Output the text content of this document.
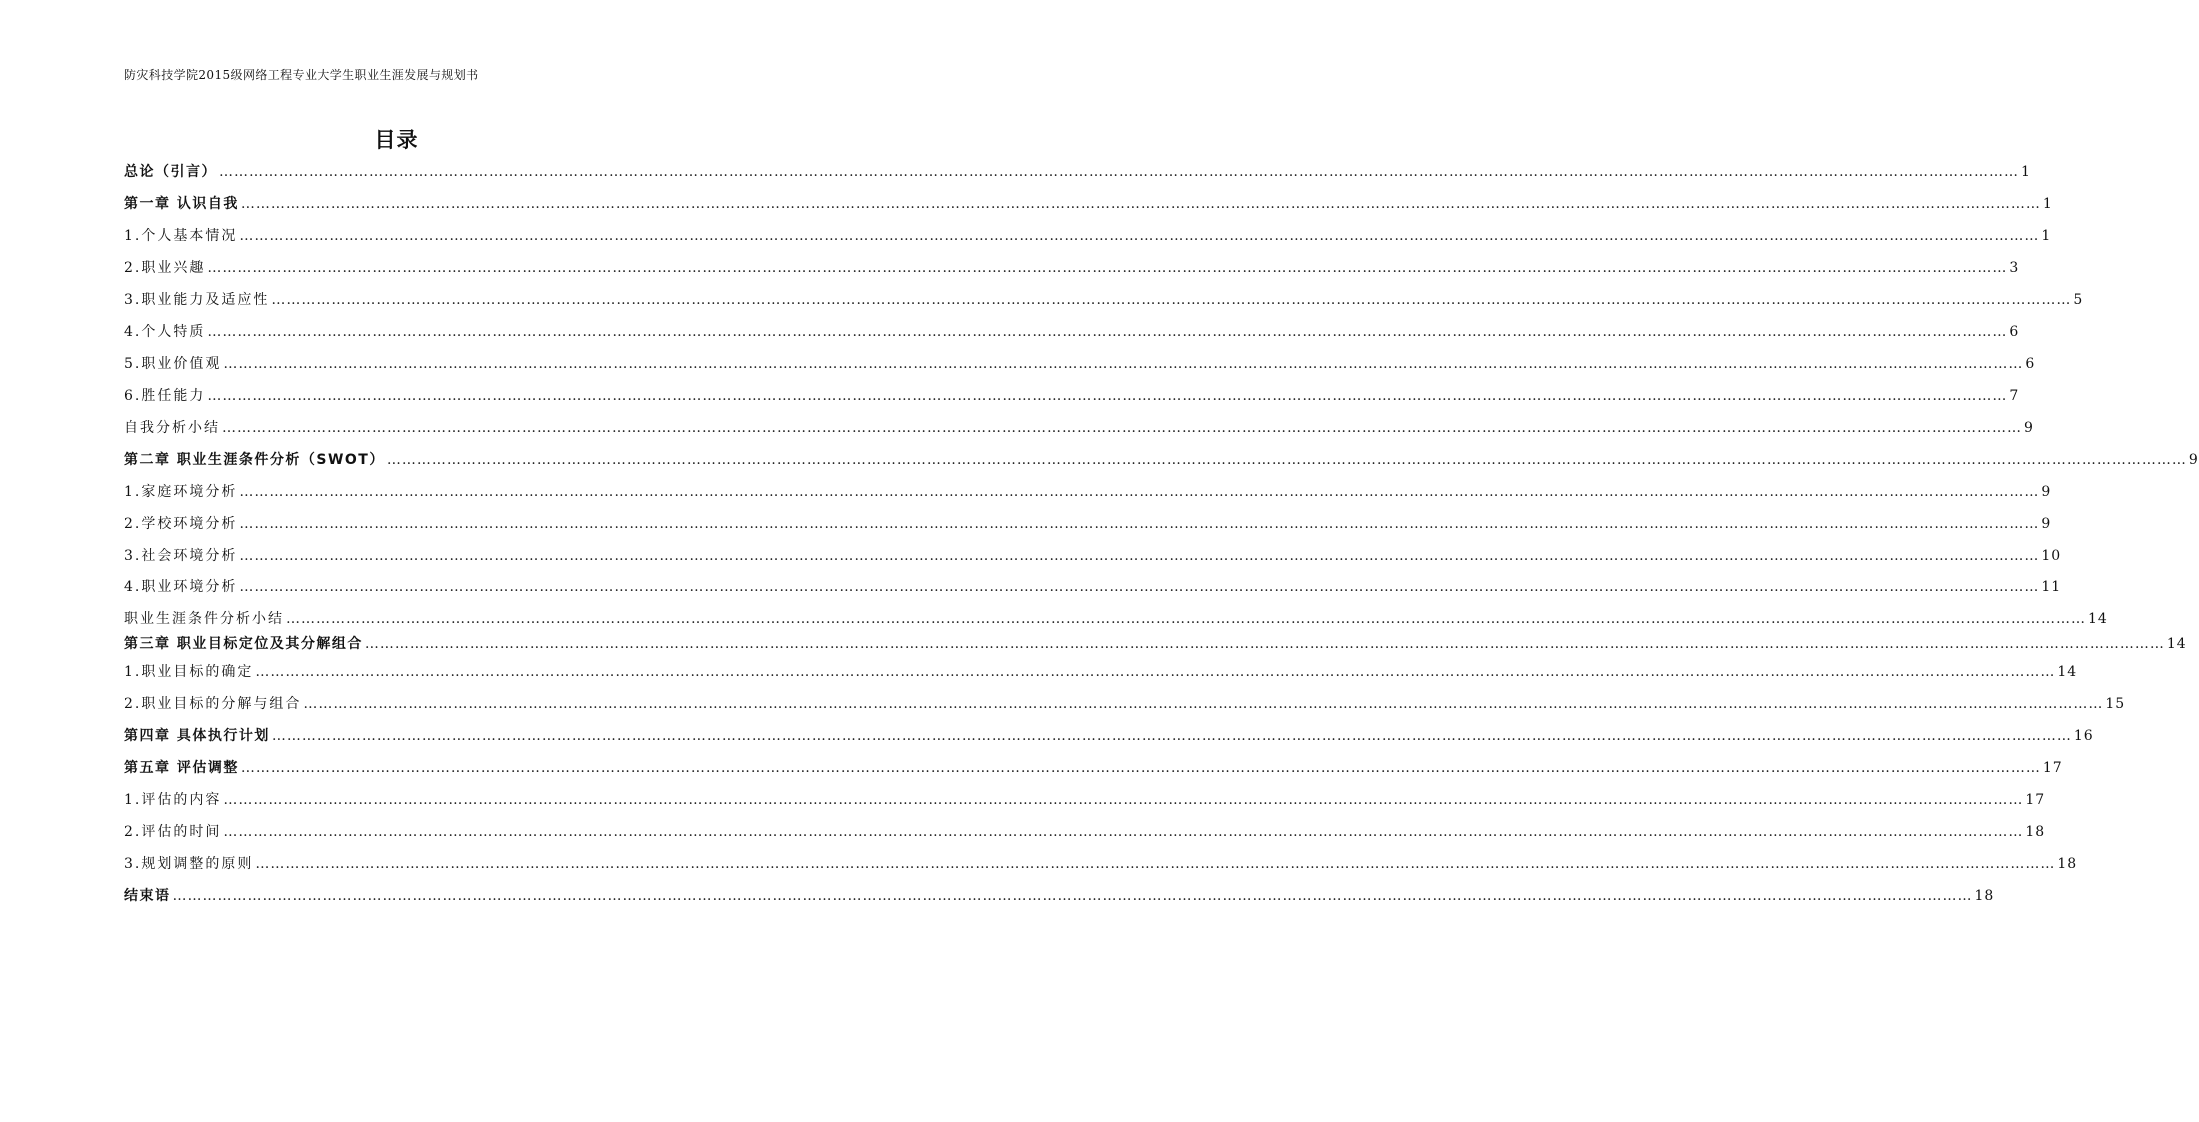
防灾科技学院2015级网络工程专业大学生职业生涯发展与规划书
目录
总论（引言） ……………………………………………………………………………………………………………………………………………………………………………………………………………………………………………………………………………………………………………………………… 1
第一章 认识自我 ……………………………………………………………………………………………………………………………………………………………………………………………………………………………………………………………………………………………………………………………… 1
1.个人基本情况 ……………………………………………………………………………………………………………………………………………………………………………………………………………………………………………………………………………………………………………………………… 1
2.职业兴趣 ……………………………………………………………………………………………………………………………………………………………………………………………………………………………………………………………………………………………………………………………… 3
3.职业能力及适应性 ……………………………………………………………………………………………………………………………………………………………………………………………………………………………………………………………………………………………………………………………… 5
4.个人特质 ……………………………………………………………………………………………………………………………………………………………………………………………………………………………………………………………………………………………………………………………… 6
5.职业价值观 ……………………………………………………………………………………………………………………………………………………………………………………………………………………………………………………………………………………………………………………………… 6
6.胜任能力 ……………………………………………………………………………………………………………………………………………………………………………………………………………………………………………………………………………………………………………………………… 7
自我分析小结 ……………………………………………………………………………………………………………………………………………………………………………………………………………………………………………………………………………………………………………………………… 9
第二章 职业生涯条件分析（SWOT） ……………………………………………………………………………………………………………………………………………………………………………………………………………………………………………………………………………………………………………………………… 9
1.家庭环境分析 ……………………………………………………………………………………………………………………………………………………………………………………………………………………………………………………………………………………………………………………………… 9
2.学校环境分析 ……………………………………………………………………………………………………………………………………………………………………………………………………………………………………………………………………………………………………………………………… 9
3.社会环境分析 ……………………………………………………………………………………………………………………………………………………………………………………………………………………………………………………………………………………………………………………………… 10
4.职业环境分析 ……………………………………………………………………………………………………………………………………………………………………………………………………………………………………………………………………………………………………………………………… 11
职业生涯条件分析小结 ……………………………………………………………………………………………………………………………………………………………………………………………………………………………………………………………………………………………………………………………… 14
第三章 职业目标定位及其分解组合 ……………………………………………………………………………………………………………………………………………………………………………………………………………………………………………………………………………………………………………………………… 14
1.职业目标的确定 ……………………………………………………………………………………………………………………………………………………………………………………………………………………………………………………………………………………………………………………………… 14
2.职业目标的分解与组合 ……………………………………………………………………………………………………………………………………………………………………………………………………………………………………………………………………………………………………………………………… 15
第四章 具体执行计划 ……………………………………………………………………………………………………………………………………………………………………………………………………………………………………………………………………………………………………………………………… 16
第五章 评估调整 ……………………………………………………………………………………………………………………………………………………………………………………………………………………………………………………………………………………………………………………………… 17
1.评估的内容 ……………………………………………………………………………………………………………………………………………………………………………………………………………………………………………………………………………………………………………………………… 17
2.评估的时间 ……………………………………………………………………………………………………………………………………………………………………………………………………………………………………………………………………………………………………………………………… 18
3.规划调整的原则 ……………………………………………………………………………………………………………………………………………………………………………………………………………………………………………………………………………………………………………………………… 18
结束语 ……………………………………………………………………………………………………………………………………………………………………………………………………………………………………………………………………………………………………………………………… 18
